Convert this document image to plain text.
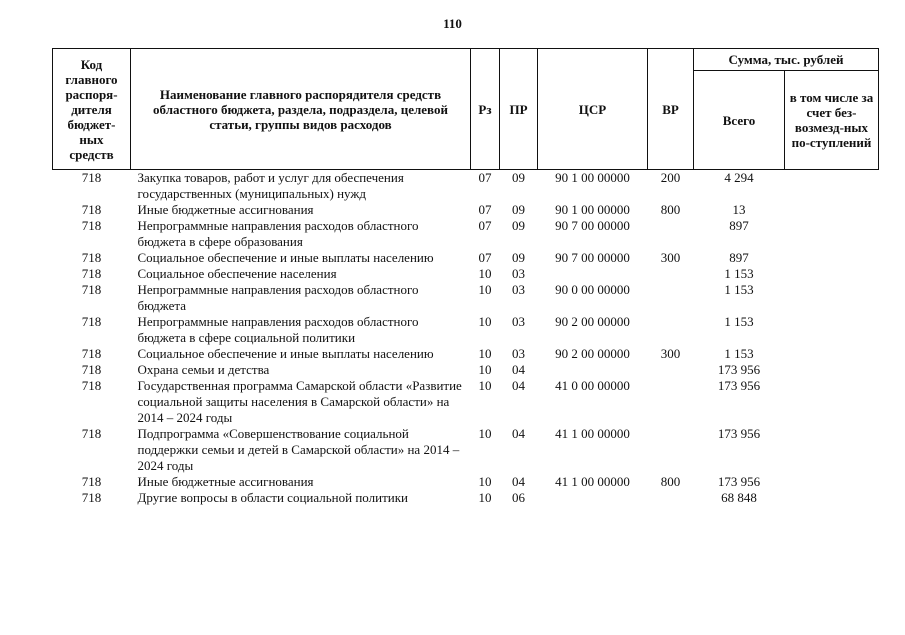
110
Код главного распоря-дителя бюджет-ных средств	Наименование главного распорядителя средств областного бюджета, раздела, подраздела, целевой статьи, группы видов расходов	Рз	ПР	ЦСР	ВР	Сумма, тыс. рублей	
						Всего	в том числе за счет без-возмезд-ных по-ступлений
718	Закупка товаров, работ и услуг для обеспечения государственных (муниципальных) нужд	07	09	90 1 00 00000	200	4 294	
718	Иные бюджетные ассигнования	07	09	90 1 00 00000	800	13	
718	Непрограммные направления расходов областного бюджета в сфере образования	07	09	90 7 00 00000		897	
718	Социальное обеспечение и иные выплаты населению	07	09	90 7 00 00000	300	897	
718	Социальное обеспечение населения	10	03			1 153	
718	Непрограммные направления расходов областного бюджета	10	03	90 0 00 00000		1 153	
718	Непрограммные направления расходов областного бюджета в сфере социальной политики	10	03	90 2 00 00000		1 153	
718	Социальное обеспечение и иные выплаты населению	10	03	90 2 00 00000	300	1 153	
718	Охрана семьи и детства	10	04			173 956	
718	Государственная программа Самарской области «Развитие социальной защиты населения в Самарской области» на 2014 – 2024 годы	10	04	41 0 00 00000		173 956	
718	Подпрограмма «Совершенствование социальной поддержки семьи и детей в Самарской области» на 2014 – 2024 годы	10	04	41 1 00 00000		173 956	
718	Иные бюджетные ассигнования	10	04	41 1 00 00000	800	173 956	
718	Другие вопросы в области социальной политики	10	06			68 848	
